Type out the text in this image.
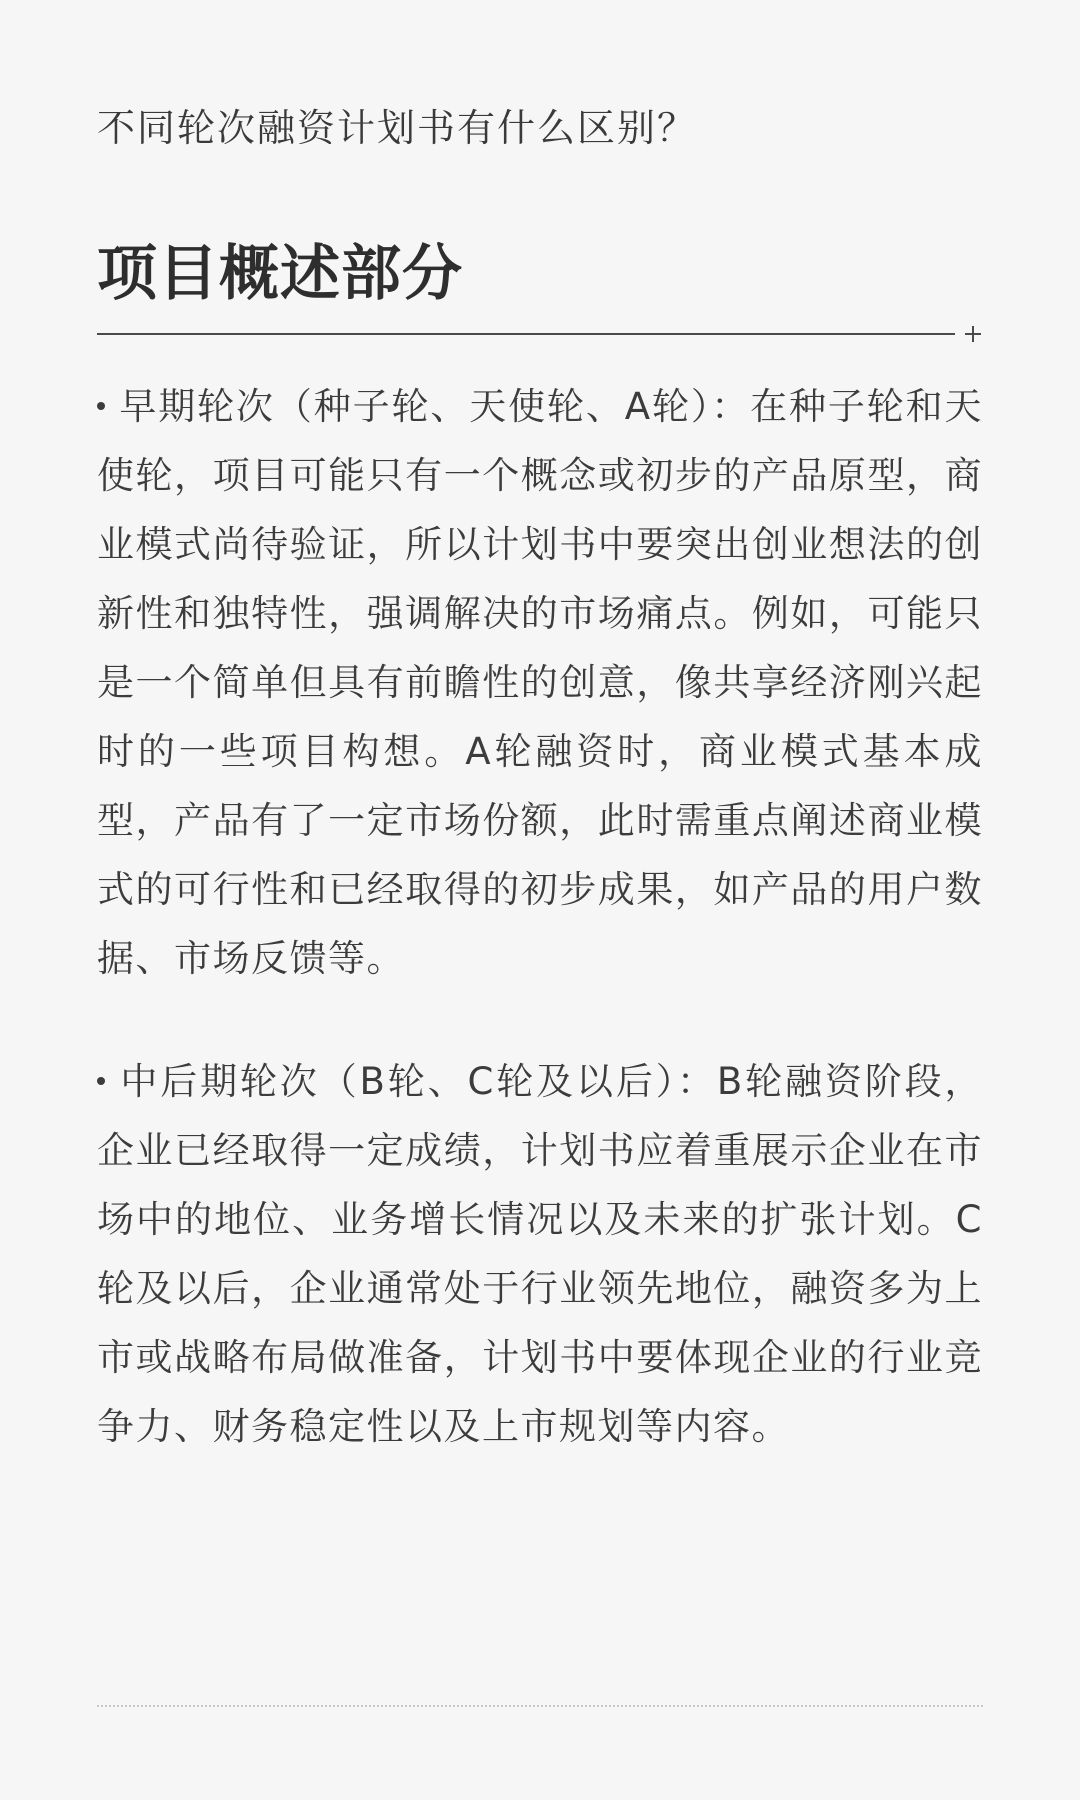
不同轮次融资计划书有什么区别？
项目概述部分

早期轮次（种子轮、天使轮、A轮）：在种子轮和天使轮，项目可能只有一个概念或初步的产品原型，商业模式尚待验证，所以计划书中要突出创业想法的创新性和独特性，强调解决的市场痛点。例如，可能只是一个简单但具有前瞻性的创意，像共享经济刚兴起时的一些项目构想。A轮融资时，商业模式基本成型，产品有了一定市场份额，此时需重点阐述商业模式的可行性和已经取得的初步成果，如产品的用户数据、市场反馈等。

中后期轮次（B轮、C轮及以后）：B轮融资阶段，企业已经取得一定成绩，计划书应着重展示企业在市场中的地位、业务增长情况以及未来的扩张计划。C轮及以后，企业通常处于行业领先地位，融资多为上市或战略布局做准备，计划书中要体现企业的行业竞争力、财务稳定性以及上市规划等内容。
